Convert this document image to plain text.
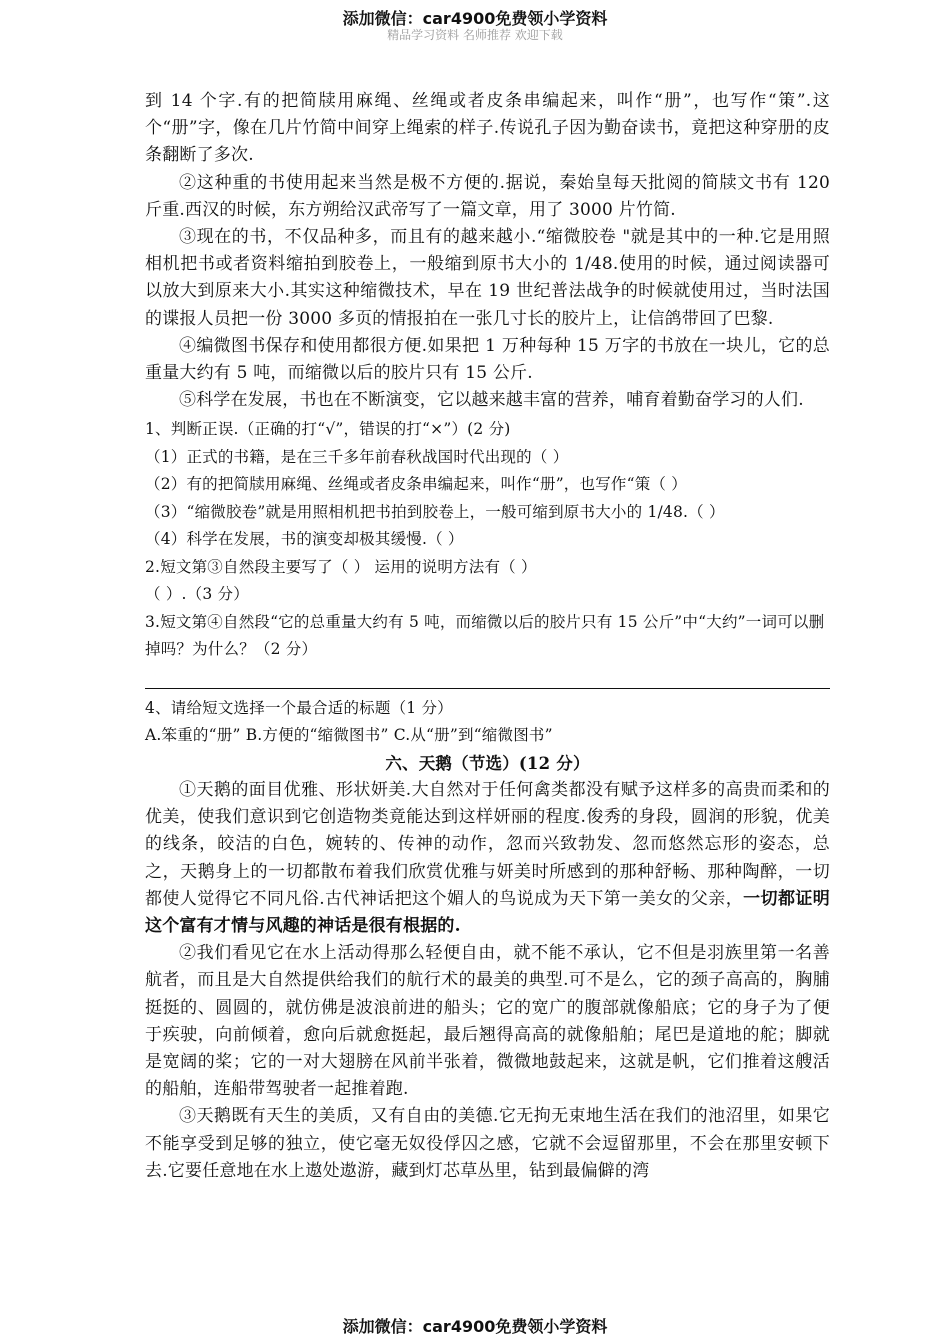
添加微信：car4900免费领小学资料
精品学习资料 名师推荐 欢迎下载

到 14 个字.有的把简牍用麻绳、丝绳或者皮条串编起来，叫作“册”，也写作“策”.这个“册”字，像在几片竹简中间穿上绳索的样子.传说孔子因为勤奋读书，竟把这种穿册的皮条翻断了多次.

②这种重的书使用起来当然是极不方便的.据说，秦始皇每天批阅的简牍文书有 120 斤重.西汉的时候，东方朔给汉武帝写了一篇文章，用了 3000 片竹简.

③现在的书，不仅品种多，而且有的越来越小.“缩微胶卷 "就是其中的一种.它是用照相机把书或者资料缩拍到胶卷上，一般缩到原书大小的 1/48.使用的时候，通过阅读器可以放大到原来大小.其实这种缩微技术，早在 19 世纪普法战争的时候就使用过，当时法国的谍报人员把一份 3000 多页的情报拍在一张几寸长的胶片上，让信鸽带回了巴黎.

④编微图书保存和使用都很方便.如果把 1 万种每种 15 万字的书放在一块儿，它的总重量大约有 5 吨，而缩微以后的胶片只有 15 公斤.

⑤科学在发展，书也在不断演变，它以越来越丰富的营养，哺育着勤奋学习的人们.

1、判断正误.（正确的打“√”，错误的打“×”）(2 分)

（1）正式的书籍，是在三千多年前春秋战国时代出现的（ ）

（2）有的把简牍用麻绳、丝绳或者皮条串编起来，叫作“册”，也写作“策（ ）

（3）“缩微胶卷”就是用照相机把书拍到胶卷上，一般可缩到原书大小的 1/48.（ ）

（4）科学在发展，书的演变却极其缓慢.（ ）

2.短文第③自然段主要写了（ ） 运用的说明方法有（ ）

（ ）.（3 分）

3.短文第④自然段“它的总重量大约有 5 吨，而缩微以后的胶片只有 15 公斤”中“大约”一词可以删掉吗？为什么？（2 分）

4、请给短文选择一个最合适的标题（1 分）

A.笨重的“册” B.方便的“缩微图书” C.从“册”到“缩微图书”

六、天鹅（节选）(12 分）

①天鹅的面目优雅、形状妍美.大自然对于任何禽类都没有赋予这样多的高贵而柔和的优美，使我们意识到它创造物类竟能达到这样妍丽的程度.俊秀的身段，圆润的形貌，优美的线条，皎洁的白色，婉转的、传神的动作，忽而兴致勃发、忽而悠然忘形的姿态，总之，天鹅身上的一切都散布着我们欣赏优雅与妍美时所感到的那种舒畅、那种陶醉，一切都使人觉得它不同凡俗.古代神话把这个媚人的鸟说成为天下第一美女的父亲，一切都证明这个富有才情与风趣的神话是很有根据的.

②我们看见它在水上活动得那么轻便自由，就不能不承认，它不但是羽族里第一名善航者，而且是大自然提供给我们的航行术的最美的典型.可不是么，它的颈子高高的，胸脯挺挺的、圆圆的，就仿佛是波浪前进的船头；它的宽广的腹部就像船底；它的身子为了便于疾驶，向前倾着，愈向后就愈挺起，最后翘得高高的就像船舶；尾巴是道地的舵；脚就是宽阔的桨；它的一对大翅膀在风前半张着，微微地鼓起来，这就是帆，它们推着这艘活的船舶，连船带驾驶者一起推着跑.

③天鹅既有天生的美质，又有自由的美德.它无拘无束地生活在我们的池沼里，如果它不能享受到足够的独立，使它毫无奴役俘囚之感，它就不会逗留那里，不会在那里安顿下去.它要任意地在水上遨处遨游，藏到灯芯草丛里，钻到最偏僻的湾

添加微信：car4900免费领小学资料
